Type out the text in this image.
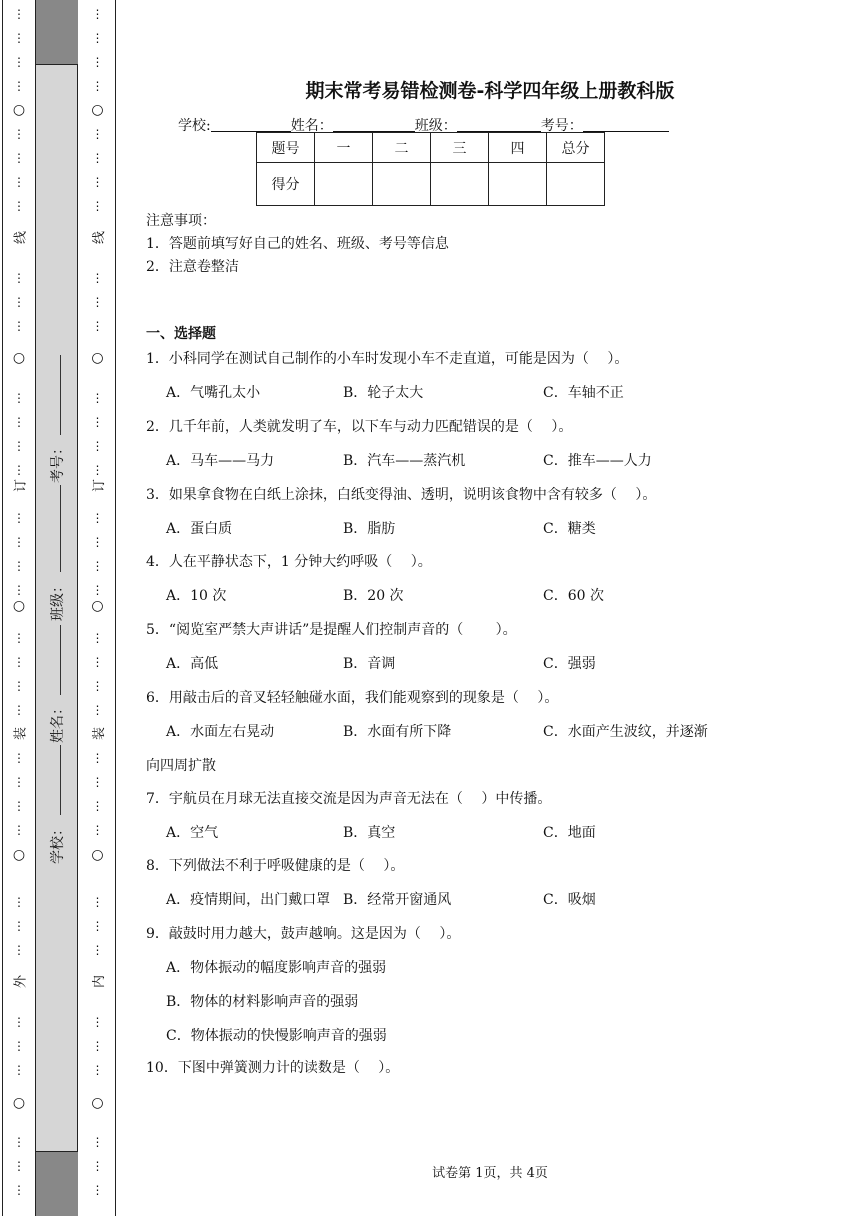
⋮
⋮
⋮
⋮
⋮
⋮
⋮
⋮
⋮
⋮
⋮
⋮
⋮
⋮
⋮
⋮
⋮
⋮
⋮
⋮
⋮
⋮
⋮
⋮
⋮
⋮
⋮
⋮
⋮
⋮
⋮
⋮
⋮
⋮
⋮
⋮
○
○
○
○
○
线
订
装
外
考号：
班级：
姓名：
学校：
⋮
⋮
⋮
⋮
⋮
⋮
⋮
⋮
⋮
⋮
⋮
⋮
⋮
⋮
⋮
⋮
⋮
⋮
⋮
⋮
⋮
⋮
⋮
⋮
⋮
⋮
⋮
⋮
⋮
⋮
⋮
⋮
⋮
⋮
⋮
⋮
○
○
○
○
○
线
订
装
内
期末常考易错检测卷-科学四年级上册教科版
学校:	姓名：	班级：	考号：
题号	一	二	三	四	总分
得分					
注意事项：
1．答题前填写好自己的姓名、班级、考号等信息
2．注意卷整洁
一、选择题
1．小科同学在测试自己制作的小车时发现小车不走直道，可能是因为（　 ）。
A．气嘴孔太小	B．轮子太大	C．车轴不正
2．几千年前，人类就发明了车，以下车与动力匹配错误的是（　 ）。
A．马车——马力	B．汽车——蒸汽机	C．推车——人力
3．如果拿食物在白纸上涂抹，白纸变得油、透明，说明该食物中含有较多（　 ）。
A．蛋白质	B．脂肪	C．糖类
4．人在平静状态下，1 分钟大约呼吸（　 ）。
A．10 次	B．20 次	C．60 次
5．“阅览室严禁大声讲话”是提醒人们控制声音的（　　 ）。
A．高低	B．音调	C．强弱
6．用敲击后的音叉轻轻触碰水面，我们能观察到的现象是（　 ）。
A．水面左右晃动	B．水面有所下降	C．水面产生波纹，并逐渐
向四周扩散
7．宇航员在月球无法直接交流是因为声音无法在（　 ）中传播。
A．空气	B．真空	C．地面
8．下列做法不利于呼吸健康的是（　 ）。
A．疫情期间，出门戴口罩 B．经常开窗通风	C．吸烟
9．敲鼓时用力越大，鼓声越响。这是因为（　 ）。
A．物体振动的幅度影响声音的强弱
B．物体的材料影响声音的强弱
C．物体振动的快慢影响声音的强弱
10．下图中弹簧测力计的读数是（　 ）。
试卷第 1页，共 4页
